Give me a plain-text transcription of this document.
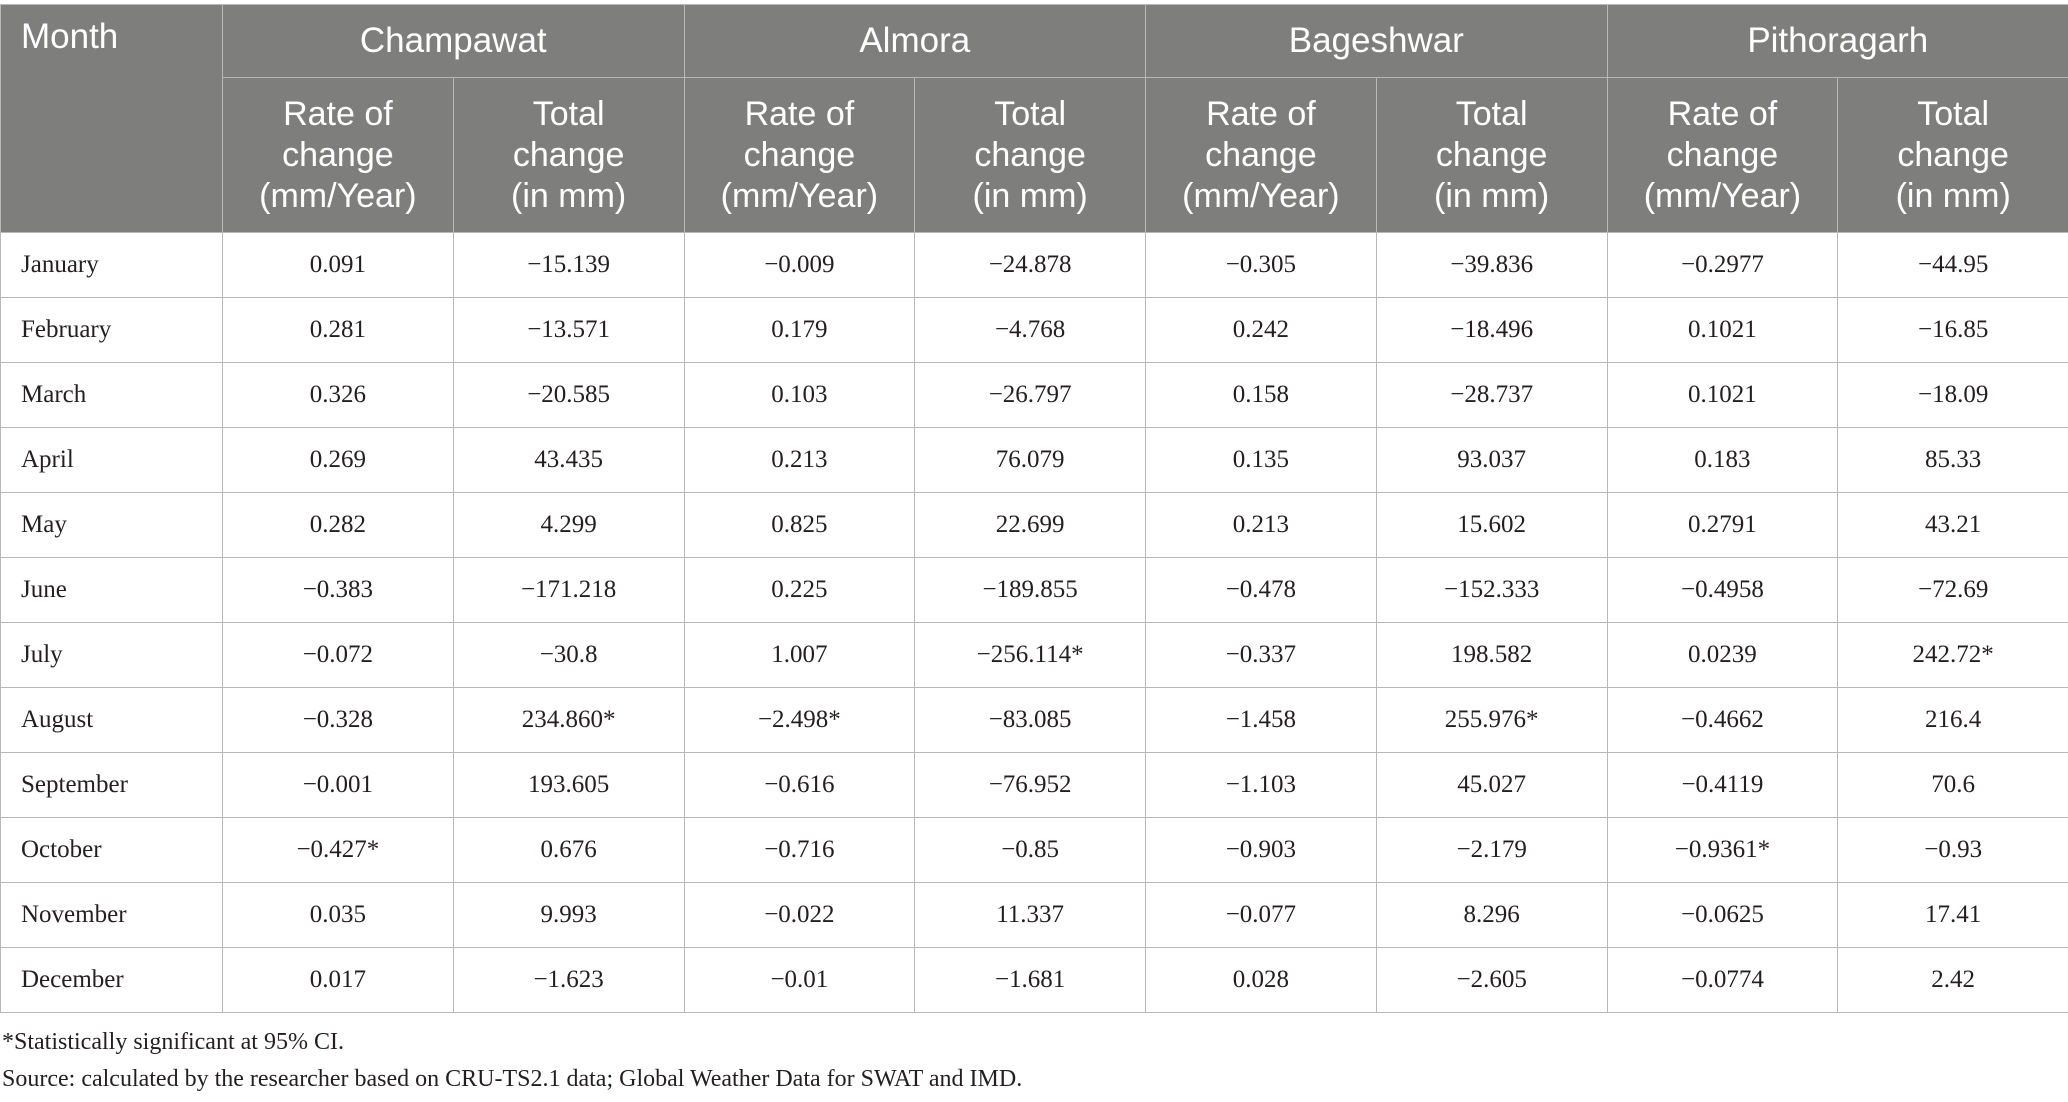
Month	Champawat		Almora		Bageshwar		Pithoragarh	

	Rate of
change
(mm/Year)	Total
change
(in mm)	Rate of
change
(mm/Year)	Total
change
(in mm)	Rate of
change
(mm/Year)	Total
change
(in mm)	Rate of
change
(mm/Year)	Total
change
(in mm)

January	0.091	−15.139	−0.009	−24.878	−0.305	−39.836	−0.2977	−44.95
February	0.281	−13.571	0.179	−4.768	0.242	−18.496	0.1021	−16.85
March	0.326	−20.585	0.103	−26.797	0.158	−28.737	0.1021	−18.09
April	0.269	43.435	0.213	76.079	0.135	93.037	0.183	85.33
May	0.282	4.299	0.825	22.699	0.213	15.602	0.2791	43.21
June	−0.383	−171.218	0.225	−189.855	−0.478	−152.333	−0.4958	−72.69
July	−0.072	−30.8	1.007	−256.114*	−0.337	198.582	0.0239	242.72*
August	−0.328	234.860*	−2.498*	−83.085	−1.458	255.976*	−0.4662	216.4
September	−0.001	193.605	−0.616	−76.952	−1.103	45.027	−0.4119	70.6
October	−0.427*	0.676	−0.716	−0.85	−0.903	−2.179	−0.9361*	−0.93
November	0.035	9.993	−0.022	11.337	−0.077	8.296	−0.0625	17.41
December	0.017	−1.623	−0.01	−1.681	0.028	−2.605	−0.0774	2.42
*Statistically significant at 95% CI.
Source: calculated by the researcher based on CRU-TS2.1 data; Global Weather Data for SWAT and IMD.
